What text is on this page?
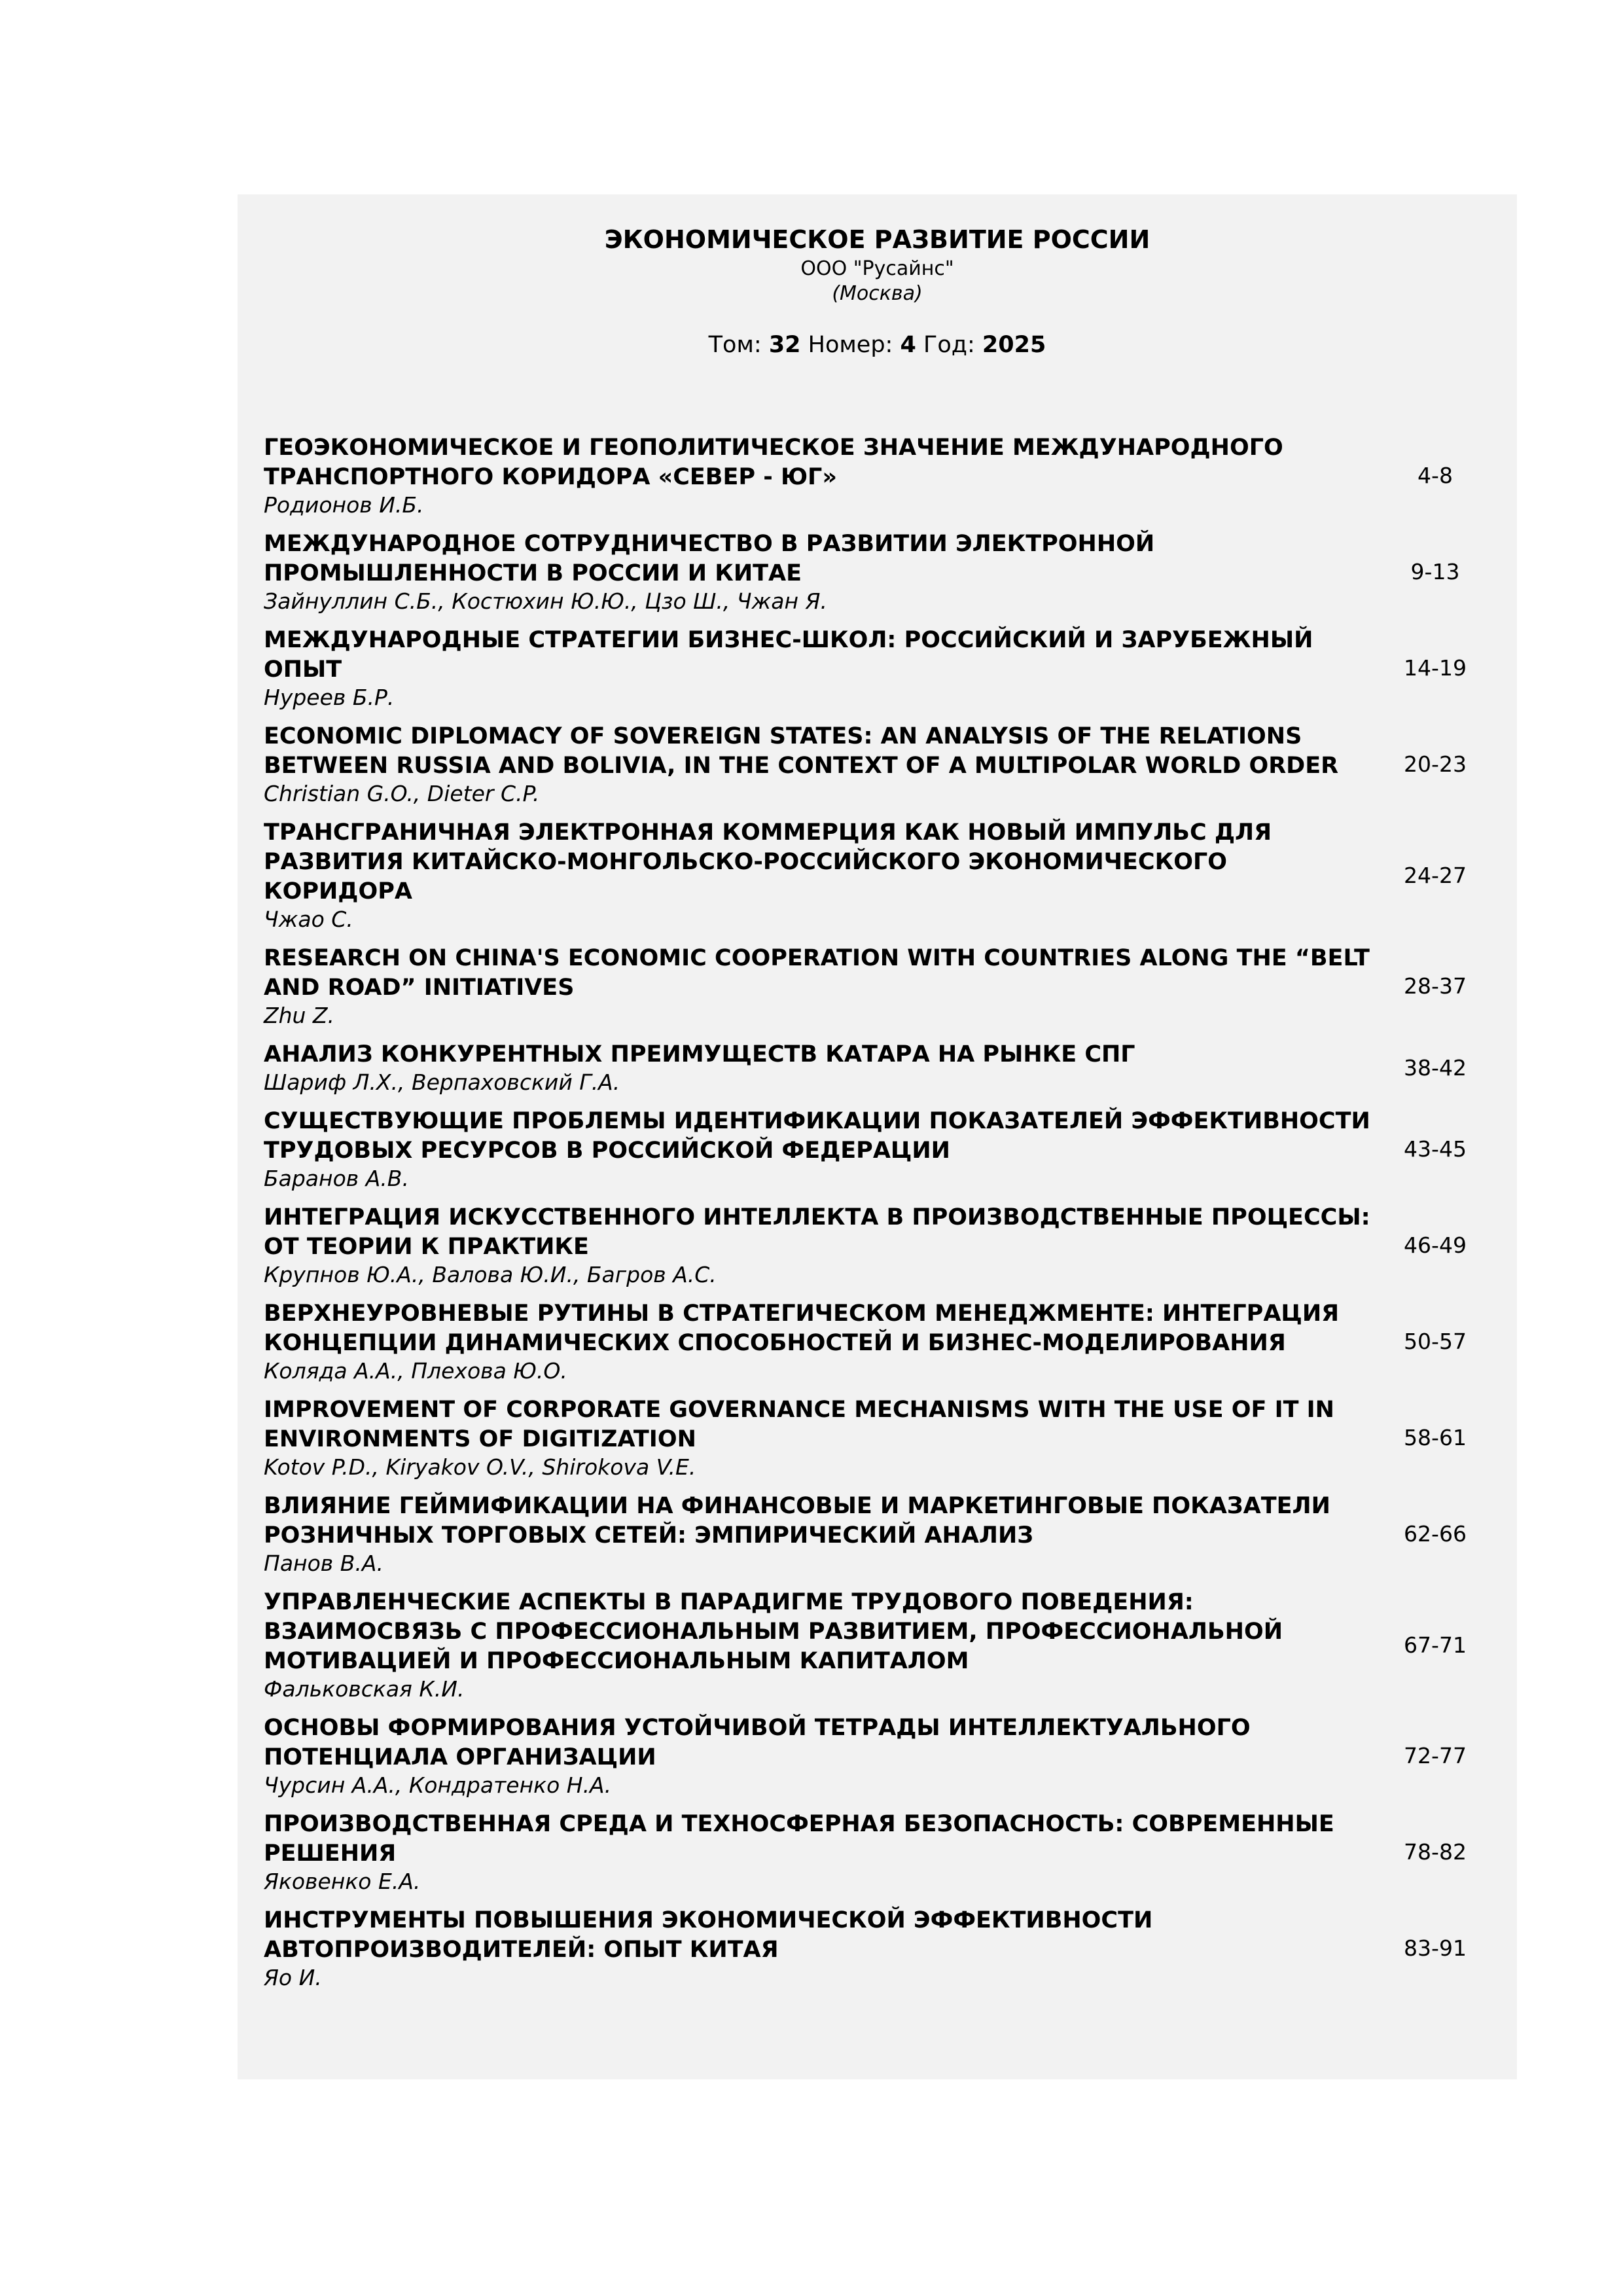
ЭКОНОМИЧЕСКОЕ РАЗВИТИЕ РОССИИ
ООО "Русайнс"
(Москва)
Том: 32 Номер: 4 Год: 2025
ГЕОЭКОНОМИЧЕСКОЕ И ГЕОПОЛИТИЧЕСКОЕ ЗНАЧЕНИЕ МЕЖДУНАРОДНОГО ТРАНСПОРТНОГО КОРИДОРА «СЕВЕР - ЮГ»
Родионов И.Б.
4-8
МЕЖДУНАРОДНОЕ СОТРУДНИЧЕСТВО В РАЗВИТИИ ЭЛЕКТРОННОЙ ПРОМЫШЛЕННОСТИ В РОССИИ И КИТАЕ
Зайнуллин С.Б., Костюхин Ю.Ю., Цзо Ш., Чжан Я.
9-13
МЕЖДУНАРОДНЫЕ СТРАТЕГИИ БИЗНЕС-ШКОЛ: РОССИЙСКИЙ И ЗАРУБЕЖНЫЙ ОПЫТ
Нуреев Б.Р.
14-19
ECONOMIC DIPLOMACY OF SOVEREIGN STATES: AN ANALYSIS OF THE RELATIONS BETWEEN RUSSIA AND BOLIVIA, IN THE CONTEXT OF A MULTIPOLAR WORLD ORDER
Christian G.O., Dieter C.P.
20-23
ТРАНСГРАНИЧНАЯ ЭЛЕКТРОННАЯ КОММЕРЦИЯ КАК НОВЫЙ ИМПУЛЬС ДЛЯ РАЗВИТИЯ КИТАЙСКО-МОНГОЛЬСКО-РОССИЙСКОГО ЭКОНОМИЧЕСКОГО КОРИДОРА
Чжао С.
24-27
RESEARCH ON CHINA'S ECONOMIC COOPERATION WITH COUNTRIES ALONG THE “BELT AND ROAD” INITIATIVES
Zhu Z.
28-37
АНАЛИЗ КОНКУРЕНТНЫХ ПРЕИМУЩЕСТВ КАТАРА НА РЫНКЕ СПГ
Шариф Л.Х., Верпаховский Г.А.
38-42
СУЩЕСТВУЮЩИЕ ПРОБЛЕМЫ ИДЕНТИФИКАЦИИ ПОКАЗАТЕЛЕЙ ЭФФЕКТИВНОСТИ ТРУДОВЫХ РЕСУРСОВ В РОССИЙСКОЙ ФЕДЕРАЦИИ
Баранов А.В.
43-45
ИНТЕГРАЦИЯ ИСКУССТВЕННОГО ИНТЕЛЛЕКТА В ПРОИЗВОДСТВЕННЫЕ ПРОЦЕССЫ: ОТ ТЕОРИИ К ПРАКТИКЕ
Крупнов Ю.А., Валова Ю.И., Багров А.С.
46-49
ВЕРХНЕУРОВНЕВЫЕ РУТИНЫ В СТРАТЕГИЧЕСКОМ МЕНЕДЖМЕНТЕ: ИНТЕГРАЦИЯ КОНЦЕПЦИИ ДИНАМИЧЕСКИХ СПОСОБНОСТЕЙ И БИЗНЕС-МОДЕЛИРОВАНИЯ
Коляда А.А., Плехова Ю.О.
50-57
IMPROVEMENT OF CORPORATE GOVERNANCE MECHANISMS WITH THE USE OF IT IN ENVIRONMENTS OF DIGITIZATION
Kotov P.D., Kiryakov O.V., Shirokova V.E.
58-61
ВЛИЯНИЕ ГЕЙМИФИКАЦИИ НА ФИНАНСОВЫЕ И МАРКЕТИНГОВЫЕ ПОКАЗАТЕЛИ РОЗНИЧНЫХ ТОРГОВЫХ СЕТЕЙ: ЭМПИРИЧЕСКИЙ АНАЛИЗ
Панов В.А.
62-66
УПРАВЛЕНЧЕСКИЕ АСПЕКТЫ В ПАРАДИГМЕ ТРУДОВОГО ПОВЕДЕНИЯ: ВЗАИМОСВЯЗЬ С ПРОФЕССИОНАЛЬНЫМ РАЗВИТИЕМ, ПРОФЕССИОНАЛЬНОЙ МОТИВАЦИЕЙ И ПРОФЕССИОНАЛЬНЫМ КАПИТАЛОМ
Фальковская К.И.
67-71
ОСНОВЫ ФОРМИРОВАНИЯ УСТОЙЧИВОЙ ТЕТРАДЫ ИНТЕЛЛЕКТУАЛЬНОГО ПОТЕНЦИАЛА ОРГАНИЗАЦИИ
Чурсин А.А., Кондратенко Н.А.
72-77
ПРОИЗВОДСТВЕННАЯ СРЕДА И ТЕХНОСФЕРНАЯ БЕЗОПАСНОСТЬ: СОВРЕМЕННЫЕ РЕШЕНИЯ
Яковенко Е.А.
78-82
ИНСТРУМЕНТЫ ПОВЫШЕНИЯ ЭКОНОМИЧЕСКОЙ ЭФФЕКТИВНОСТИ АВТОПРОИЗВОДИТЕЛЕЙ: ОПЫТ КИТАЯ
Яо И.
83-91
